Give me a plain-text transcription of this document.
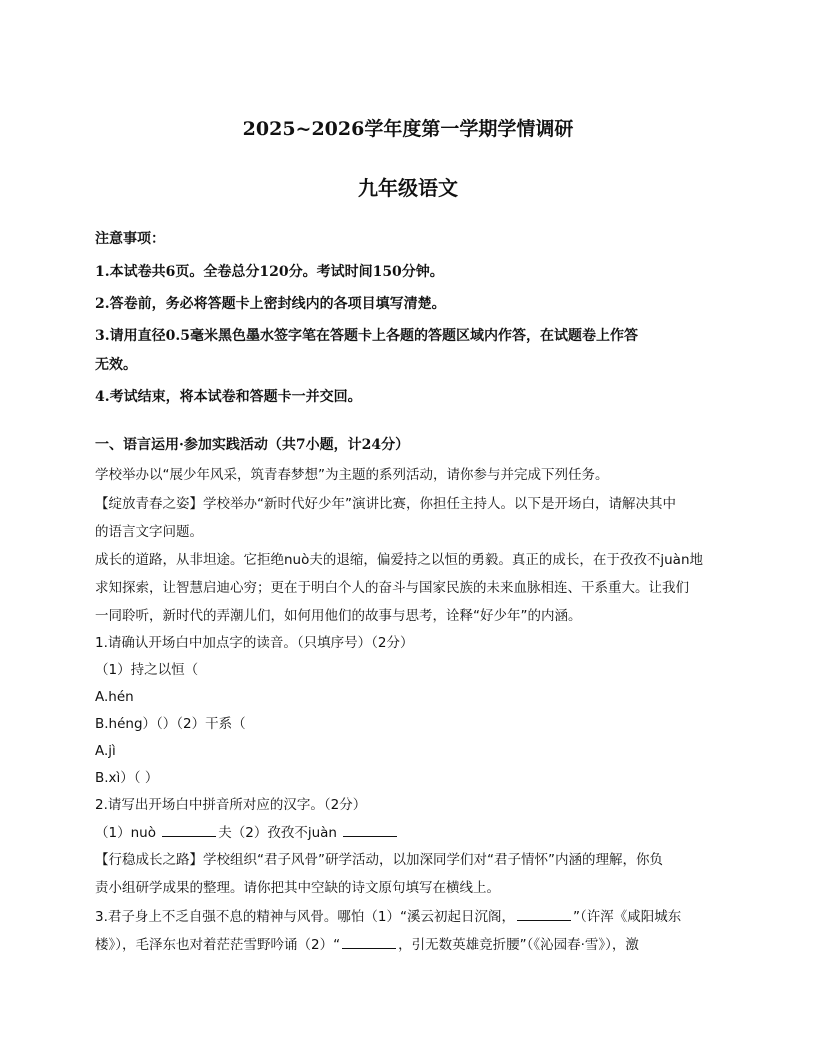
2025~2026学年度第一学期学情调研
九年级语文
注意事项：
1.本试卷共6页。全卷总分120分。考试时间150分钟。
2.答卷前，务必将答题卡上密封线内的各项目填写清楚。
3.请用直径0.5毫米黑色墨水签字笔在答题卡上各题的答题区域内作答，在试题卷上作答
无效。
4.考试结束，将本试卷和答题卡一并交回。
一、语言运用·参加实践活动（共7小题，计24分）
学校举办以“展少年风采，筑青春梦想”为主题的系列活动，请你参与并完成下列任务。
【绽放青春之姿】学校举办“新时代好少年”演讲比赛，你担任主持人。以下是开场白，请解决其中
的语言文字问题。
成长的道路，从非坦途。它拒绝nuò夫的退缩，偏爱持之以恒的勇毅。真正的成长，在于孜孜不juàn地
求知探索，让智慧启迪心穷；更在于明白个人的奋斗与国家民族的未来血脉相连、干系重大。让我们
一同聆听，新时代的弄潮儿们，如何用他们的故事与思考，诠释“好少年”的内涵。
1.请确认开场白中加点字的读音。（只填序号）（2分）
（1）持之以恒（
A.hén
B.héng）（）（2）干系（
A.jì
B.xì）（ ）
2.请写出开场白中拼音所对应的汉字。（2分）
（1）nuò	夫（2）孜孜不juàn
【行稳成长之路】学校组织“君子风骨”研学活动，以加深同学们对“君子情怀”内涵的理解，你负
责小组研学成果的整理。请你把其中空缺的诗文原句填写在横线上。
3.君子身上不乏自强不息的精神与风骨。哪怕（1）“溪云初起日沉阁，	”（许浑《咸阳城东
楼》），毛泽东也对着茫茫雪野吟诵（2）“	，引无数英雄竞折腰”（《沁园春·雪》），激
